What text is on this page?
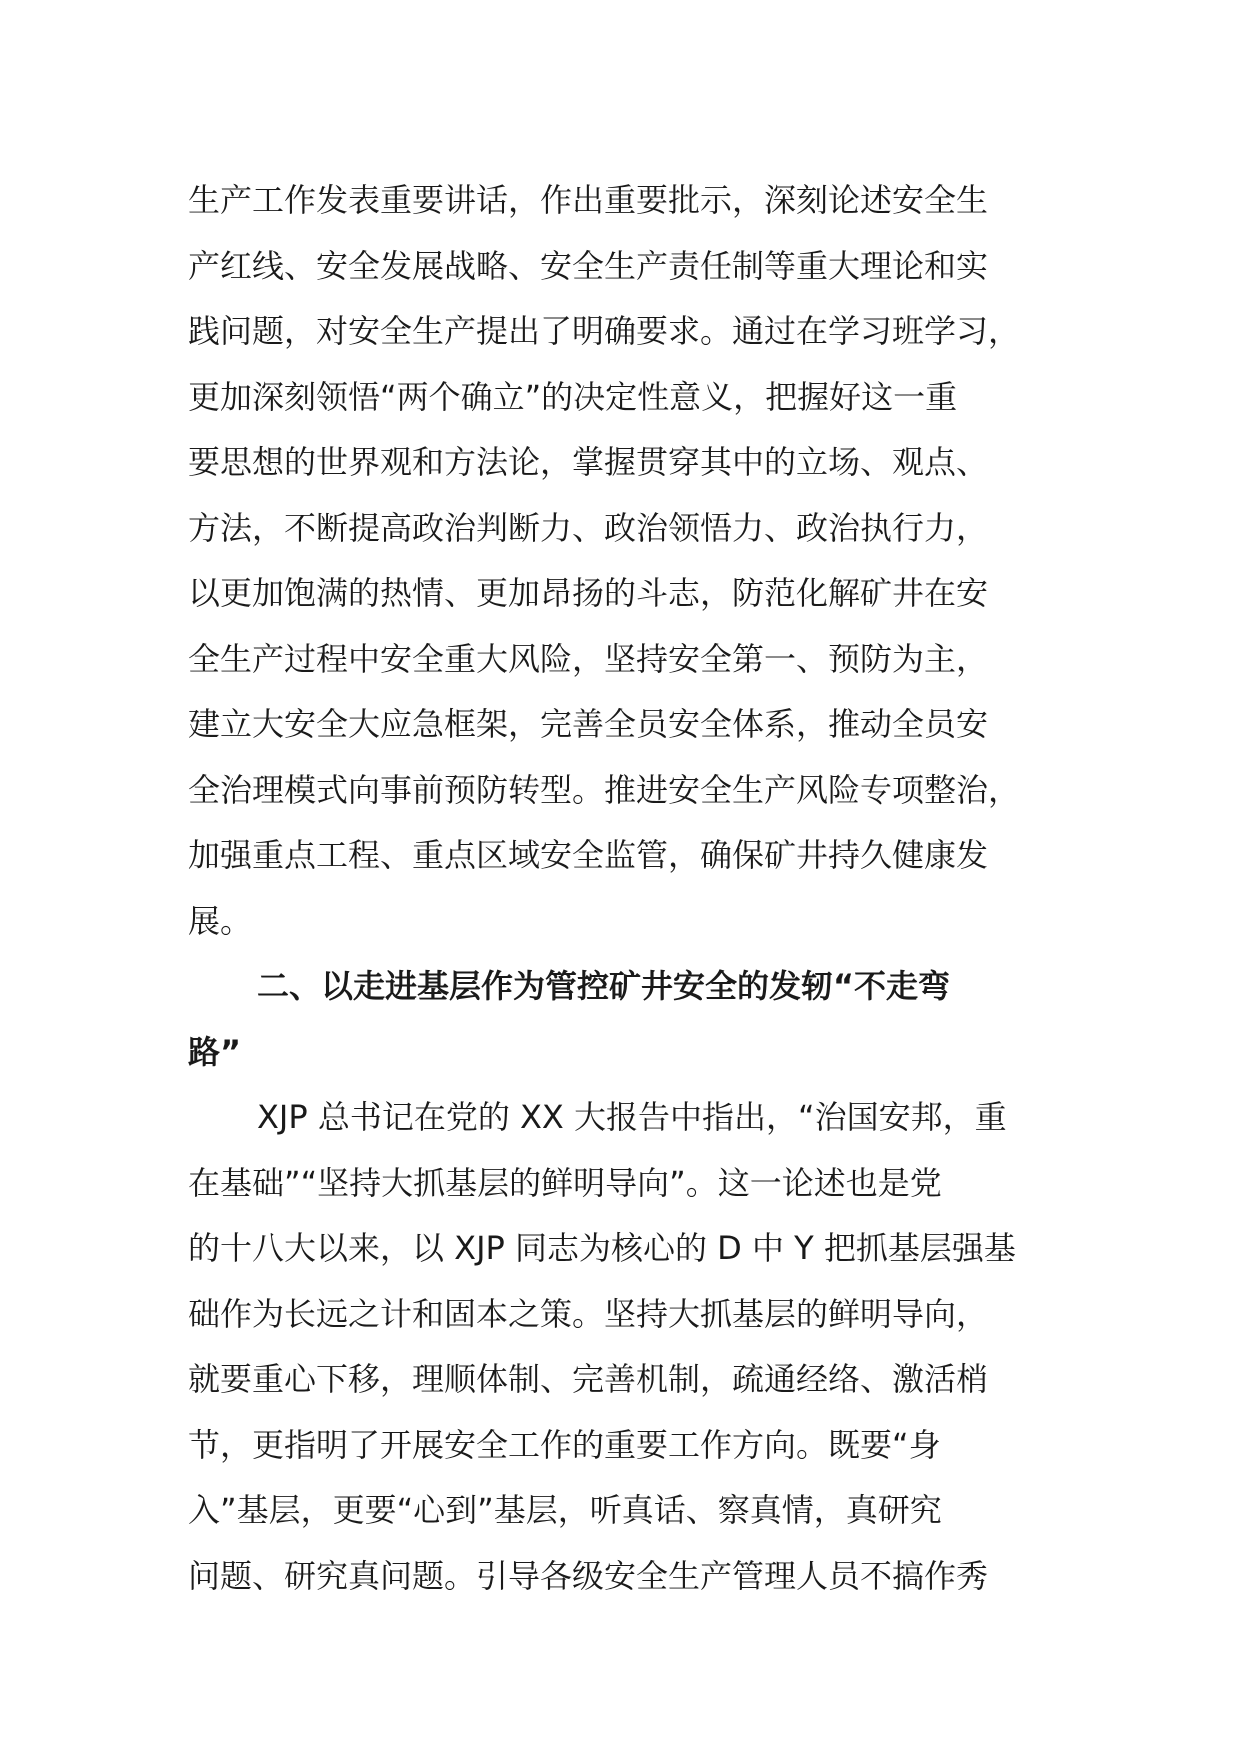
生产工作发表重要讲话，作出重要批示，深刻论述安全生
产红线、安全发展战略、安全生产责任制等重大理论和实
践问题，对安全生产提出了明确要求。通过在学习班学习，
更加深刻领悟“两个确立”的决定性意义，把握好这一重
要思想的世界观和方法论，掌握贯穿其中的立场、观点、
方法，不断提高政治判断力、政治领悟力、政治执行力，
以更加饱满的热情、更加昂扬的斗志，防范化解矿井在安
全生产过程中安全重大风险，坚持安全第一、预防为主，
建立大安全大应急框架，完善全员安全体系，推动全员安
全治理模式向事前预防转型。推进安全生产风险专项整治，
加强重点工程、重点区域安全监管，确保矿井持久健康发
展。
二、以走进基层作为管控矿井安全的发轫“不走弯
路”
XJP 总书记在党的 XX 大报告中指出，“治国安邦，重
在基础”“坚持大抓基层的鲜明导向”。这一论述也是党
的十八大以来，以 XJP 同志为核心的 D 中 Y 把抓基层强基
础作为长远之计和固本之策。坚持大抓基层的鲜明导向，
就要重心下移，理顺体制、完善机制，疏通经络、激活梢
节，更指明了开展安全工作的重要工作方向。既要“身
入”基层，更要“心到”基层，听真话、察真情，真研究
问题、研究真问题。引导各级安全生产管理人员不搞作秀
